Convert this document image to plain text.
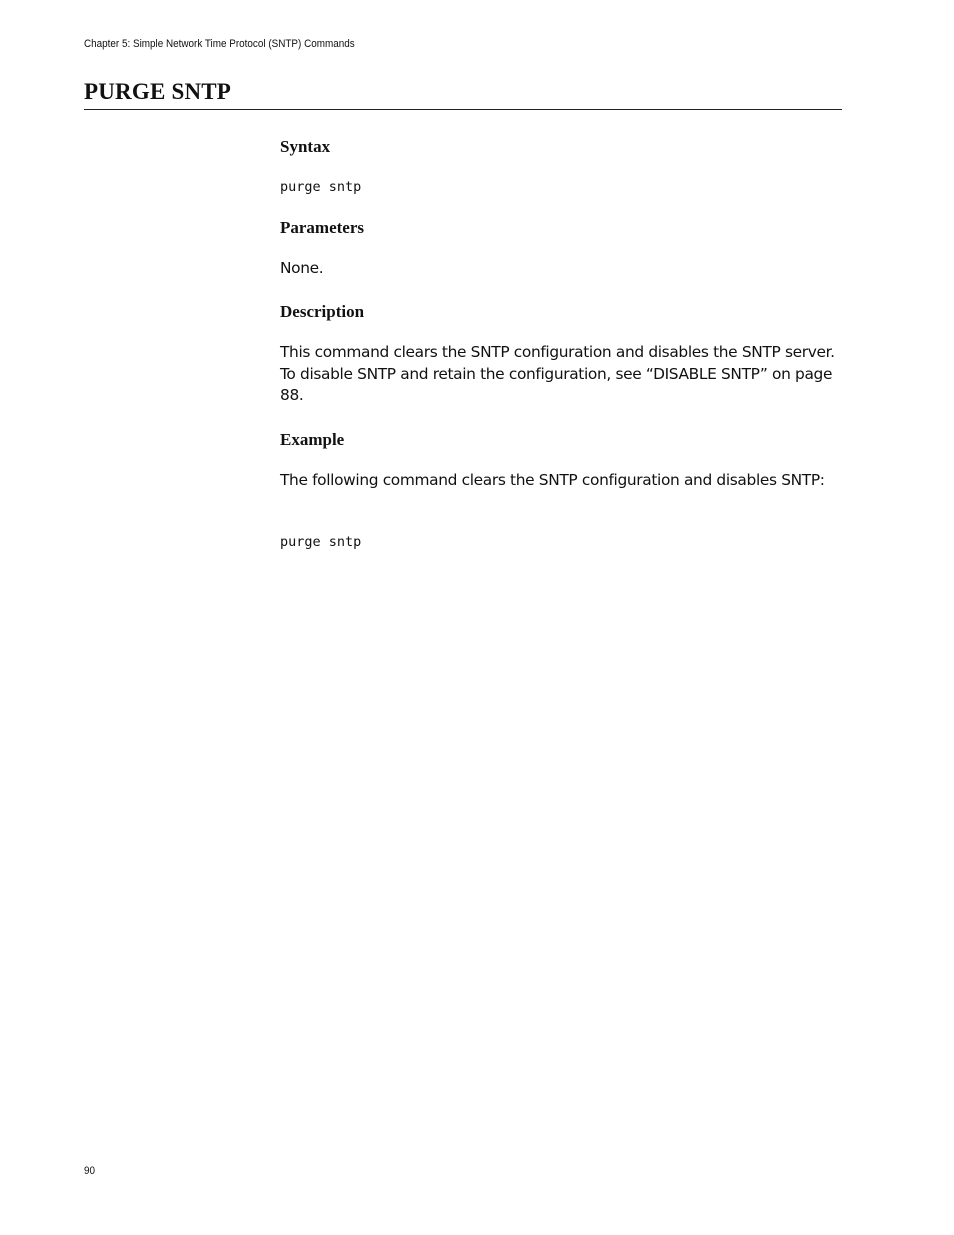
Chapter 5: Simple Network Time Protocol (SNTP) Commands
PURGE SNTP
Syntax
purge sntp
Parameters

None.

Description

This command clears the SNTP configuration and disables the SNTP server. To disable SNTP and retain the configuration, see “DISABLE SNTP” on page 88.

Example

The following command clears the SNTP configuration and disables SNTP:

purge sntp
90
